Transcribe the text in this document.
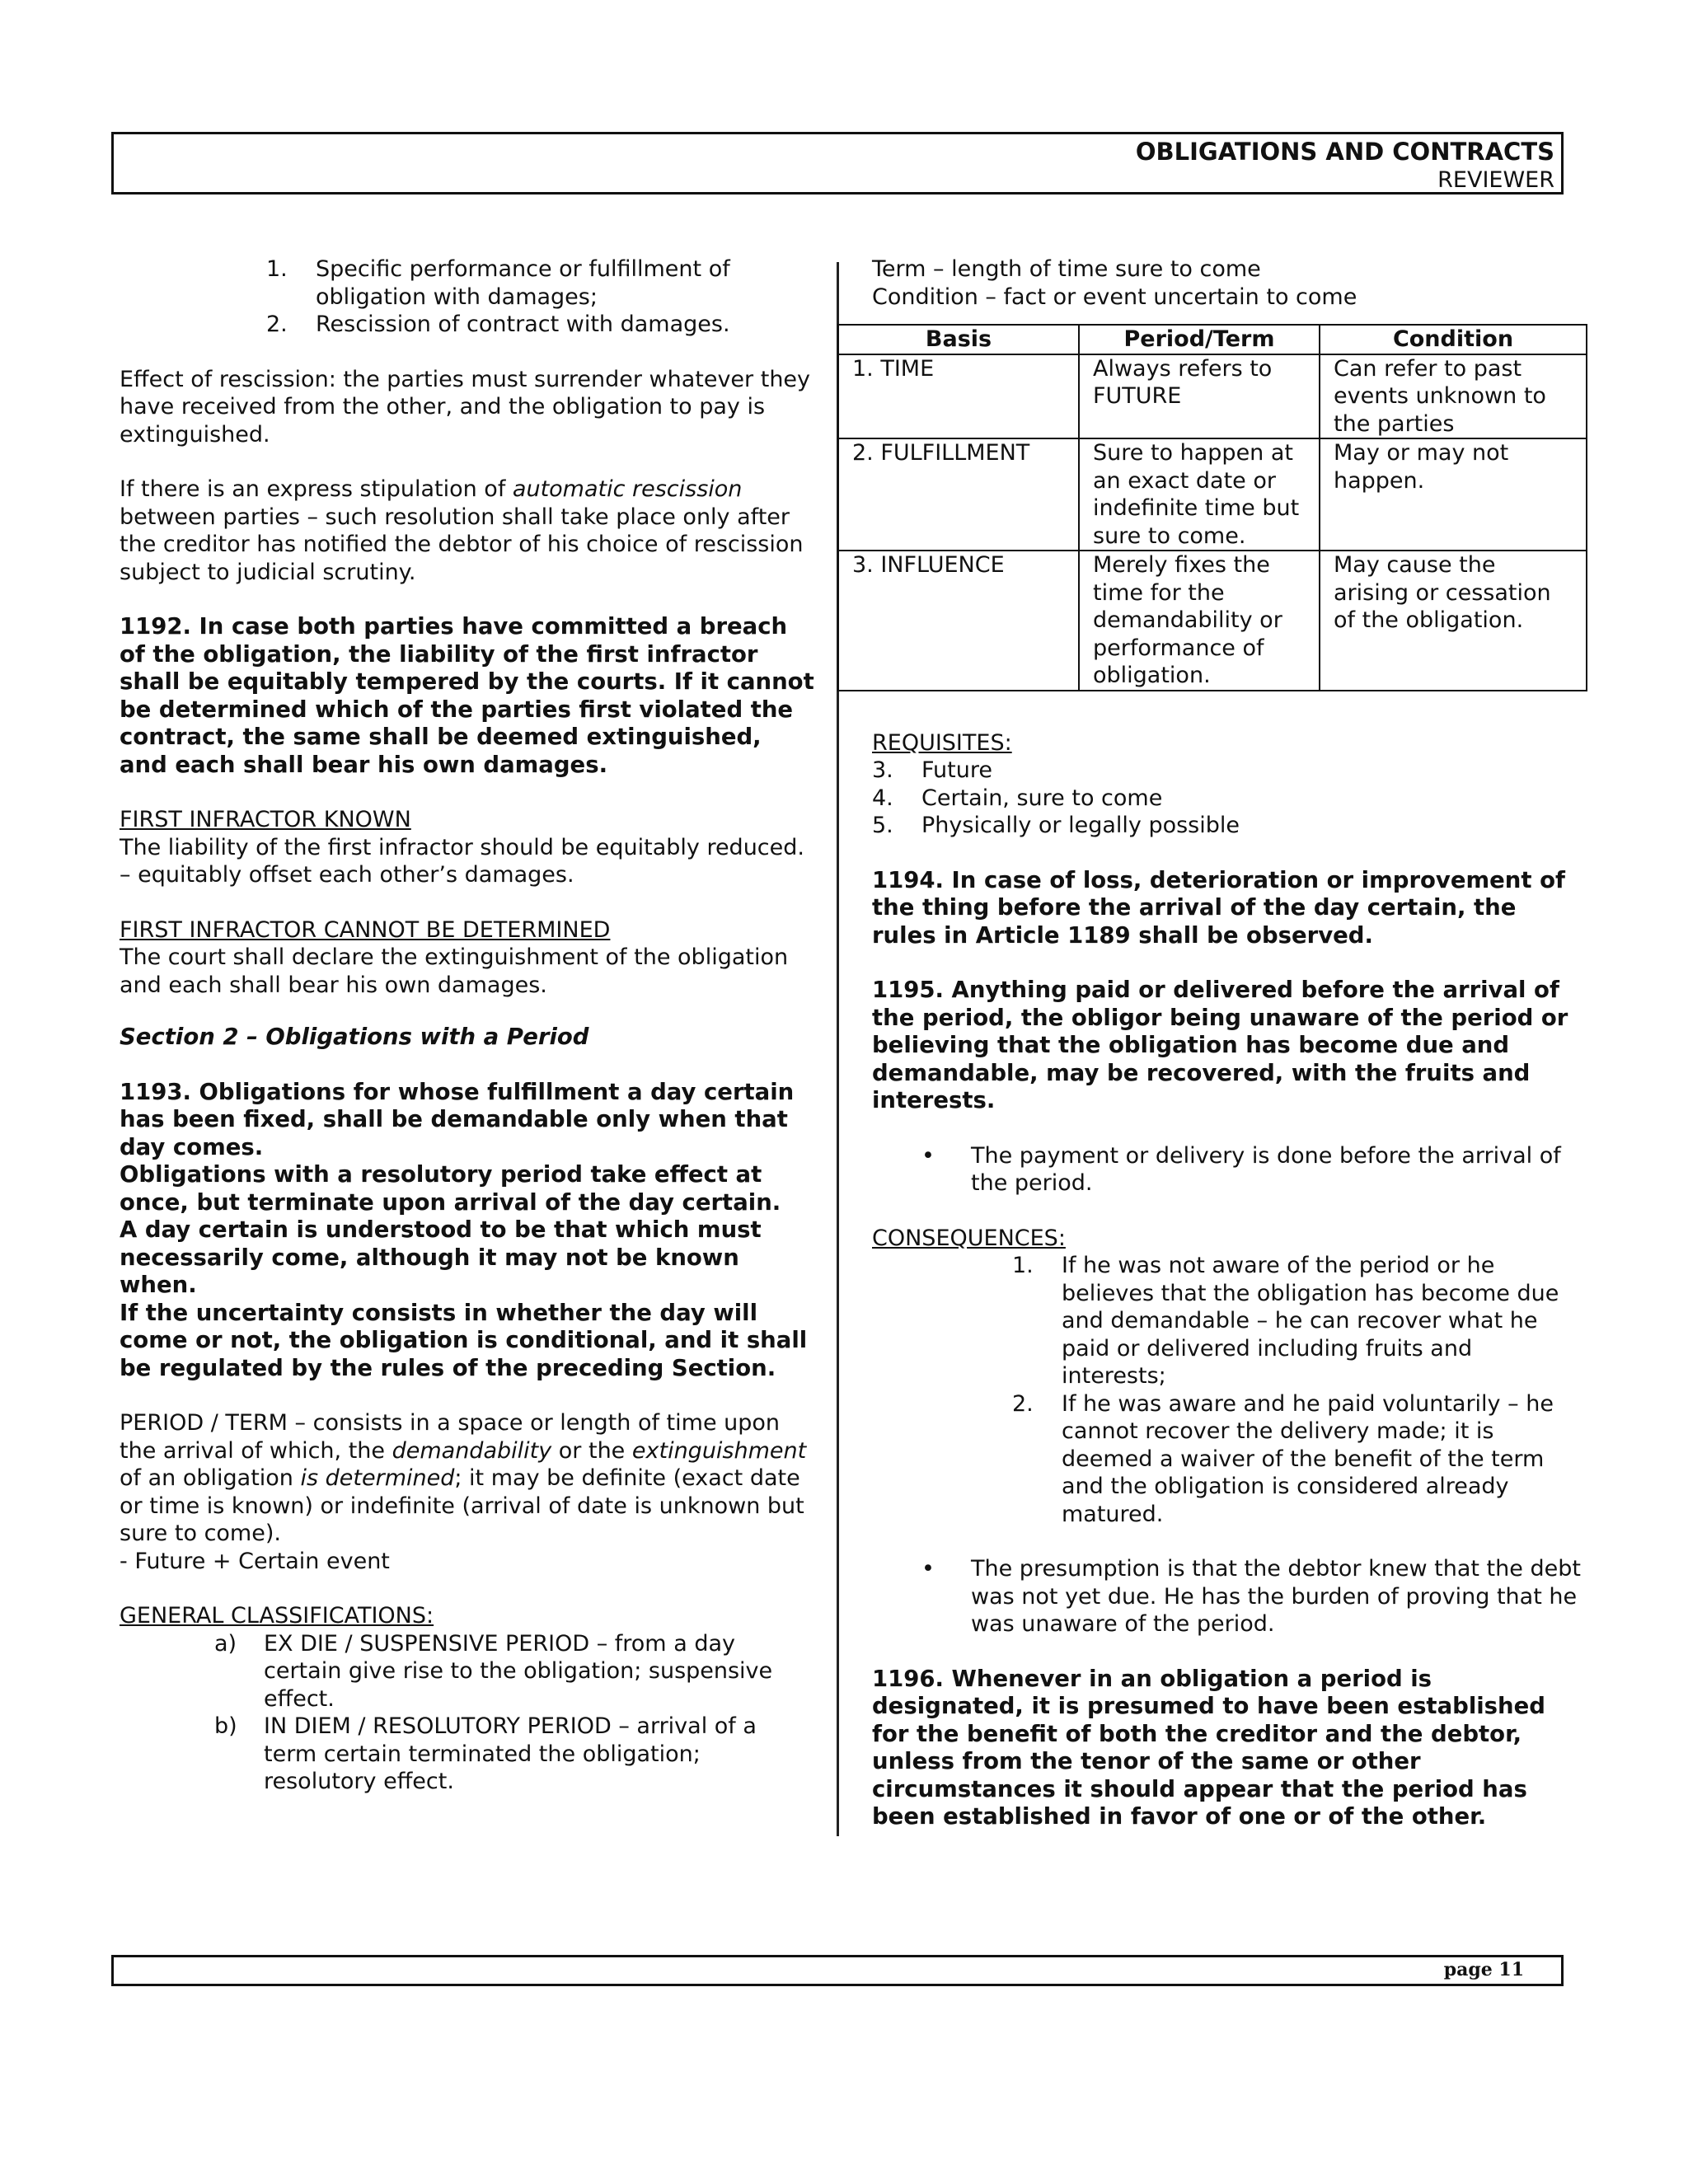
OBLIGATIONS AND CONTRACTS
REVIEWER
1.	Specific performance or fulfillment of obligation with damages;
2.	Rescission of contract with damages.

Effect of rescission: the parties must surrender whatever they have received from the other, and the obligation to pay is extinguished.

If there is an express stipulation of automatic rescission between parties – such resolution shall take place only after the creditor has notified the debtor of his choice of rescission subject to judicial scrutiny.

1192. In case both parties have committed a breach of the obligation, the liability of the first infractor shall be equitably tempered by the courts. If it cannot be determined which of the parties first violated the contract, the same shall be deemed extinguished, and each shall bear his own damages.

FIRST INFRACTOR KNOWN

The liability of the first infractor should be equitably reduced.

– equitably offset each other’s damages.

FIRST INFRACTOR CANNOT BE DETERMINED

The court shall declare the extinguishment of the obligation and each shall bear his own damages.

Section 2 – Obligations with a Period

1193. Obligations for whose fulfillment a day certain has been fixed, shall be demandable only when that day comes.

Obligations with a resolutory period take effect at once, but terminate upon arrival of the day certain.

A day certain is understood to be that which must necessarily come, although it may not be known when.

If the uncertainty consists in whether the day will come or not, the obligation is conditional, and it shall be regulated by the rules of the preceding Section.

PERIOD / TERM – consists in a space or length of time upon the arrival of which, the demandability or the extinguishment of an obligation is determined; it may be definite (exact date or time is known) or indefinite (arrival of date is unknown but sure to come).

- Future + Certain event

GENERAL CLASSIFICATIONS:

a)	EX DIE / SUSPENSIVE PERIOD – from a day certain give rise to the obligation; suspensive effect.
b)	IN DIEM / RESOLUTORY PERIOD – arrival of a term certain terminated the obligation; resolutory effect.

Term – length of time sure to come

Condition – fact or event uncertain to come

Basis	Period/Term	Condition
1. TIME	Always refers to FUTURE	Can refer to past events unknown to the parties
2. FULFILLMENT	Sure to happen at an exact date or indefinite time but sure to come.	May or may not happen.
3. INFLUENCE	Merely fixes the time for the demandability or performance of obligation.	May cause the arising or cessation of the obligation.

REQUISITES:

3.	Future
4.	Certain, sure to come
5.	Physically or legally possible

1194. In case of loss, deterioration or improvement of the thing before the arrival of the day certain, the rules in Article 1189 shall be observed.

1195. Anything paid or delivered before the arrival of the period, the obligor being unaware of the period or believing that the obligation has become due and demandable, may be recovered, with the fruits and interests.

•	The payment or delivery is done before the arrival of the period.

CONSEQUENCES:

1.	If he was not aware of the period or he believes that the obligation has become due and demandable – he can recover what he paid or delivered including fruits and interests;
2.	If he was aware and he paid voluntarily – he cannot recover the delivery made; it is deemed a waiver of the benefit of the term and the obligation is considered already matured.
•	The presumption is that the debtor knew that the debt was not yet due. He has the burden of proving that he was unaware of the period.

1196. Whenever in an obligation a period is designated, it is presumed to have been established for the benefit of both the creditor and the debtor, unless from the tenor of the same or other circumstances it should appear that the period has been established in favor of one or of the other.

page 11
